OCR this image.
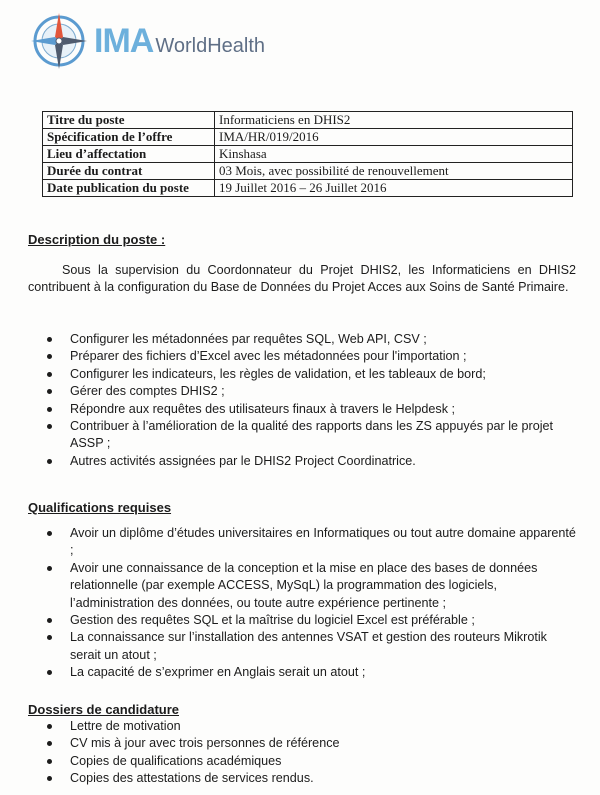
IMA WorldHealth
Titre du poste	Informaticiens en DHIS2
Spécification de l’offre	IMA/HR/019/2016
Lieu d’affectation	Kinshasa
Durée du contrat	03 Mois, avec possibilité de renouvellement
Date publication du poste	19 Juillet 2016 – 26 Juillet 2016
Description du poste :
Sous la supervision du Coordonnateur du Projet DHIS2, les Informaticiens en DHIS2 contribuent à la configuration du Base de Données du Projet Acces aux Soins de Santé Primaire.
Configurer les métadonnées par requêtes SQL, Web API, CSV ;
Préparer des fichiers d’Excel avec les métadonnées pour l'importation ;
Configurer les indicateurs, les règles de validation, et les tableaux de bord;
Gérer des comptes DHIS2 ;
Répondre aux requêtes des utilisateurs finaux à travers le Helpdesk ;
Contribuer à l’amélioration de la qualité des rapports dans les ZS appuyés par le projet ASSP ;
Autres activités assignées par le DHIS2 Project Coordinatrice.
Qualifications requises
Avoir un diplôme d’études universitaires en Informatiques ou tout autre domaine apparenté ;
Avoir une connaissance de la conception et la mise en place des bases de données relationnelle (par exemple ACCESS, MySqL) la programmation des logiciels, l’administration des données, ou toute autre expérience pertinente ;
Gestion des requêtes SQL et la maîtrise du logiciel Excel est préférable ;
La connaissance sur l’installation des antennes VSAT et gestion des routeurs Mikrotik serait un atout ;
La capacité de s’exprimer en Anglais serait un atout ;
Dossiers de candidature
Lettre de motivation
CV mis à jour avec trois personnes de référence
Copies de qualifications académiques
Copies des attestations de services rendus.
